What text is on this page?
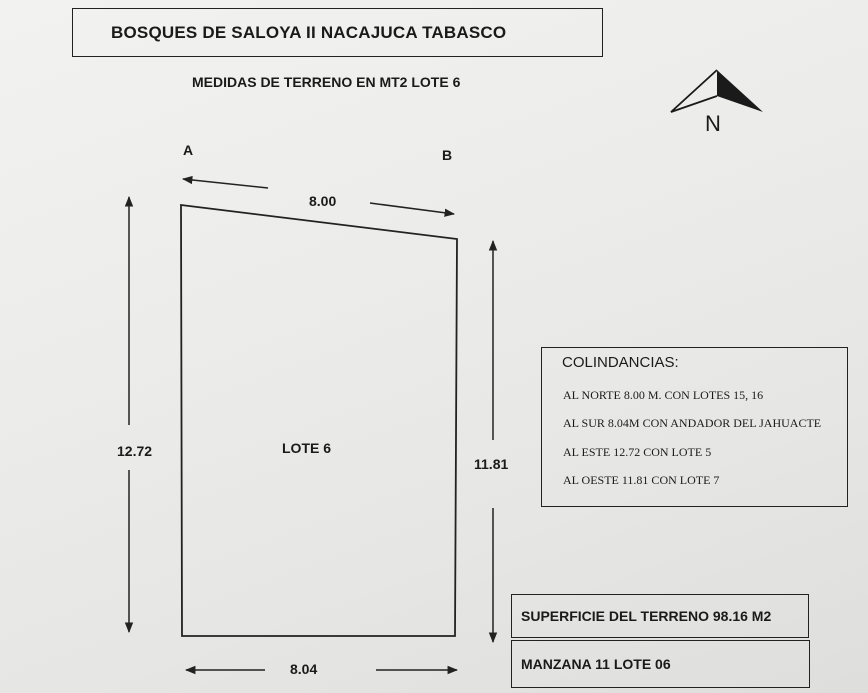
BOSQUES DE SALOYA II NACAJUCA TABASCO
MEDIDAS DE TERRENO EN MT2 LOTE 6
N
A	B
8.00
12.72
11.81
8.04
LOTE 6
COLINDANCIAS:
AL NORTE 8.00 M. CON LOTES 15, 16
AL SUR 8.04M CON ANDADOR DEL JAHUACTE
AL ESTE 12.72 CON LOTE 5
AL OESTE 11.81 CON LOTE 7
SUPERFICIE DEL TERRENO 98.16 M2
MANZANA 11 LOTE 06
